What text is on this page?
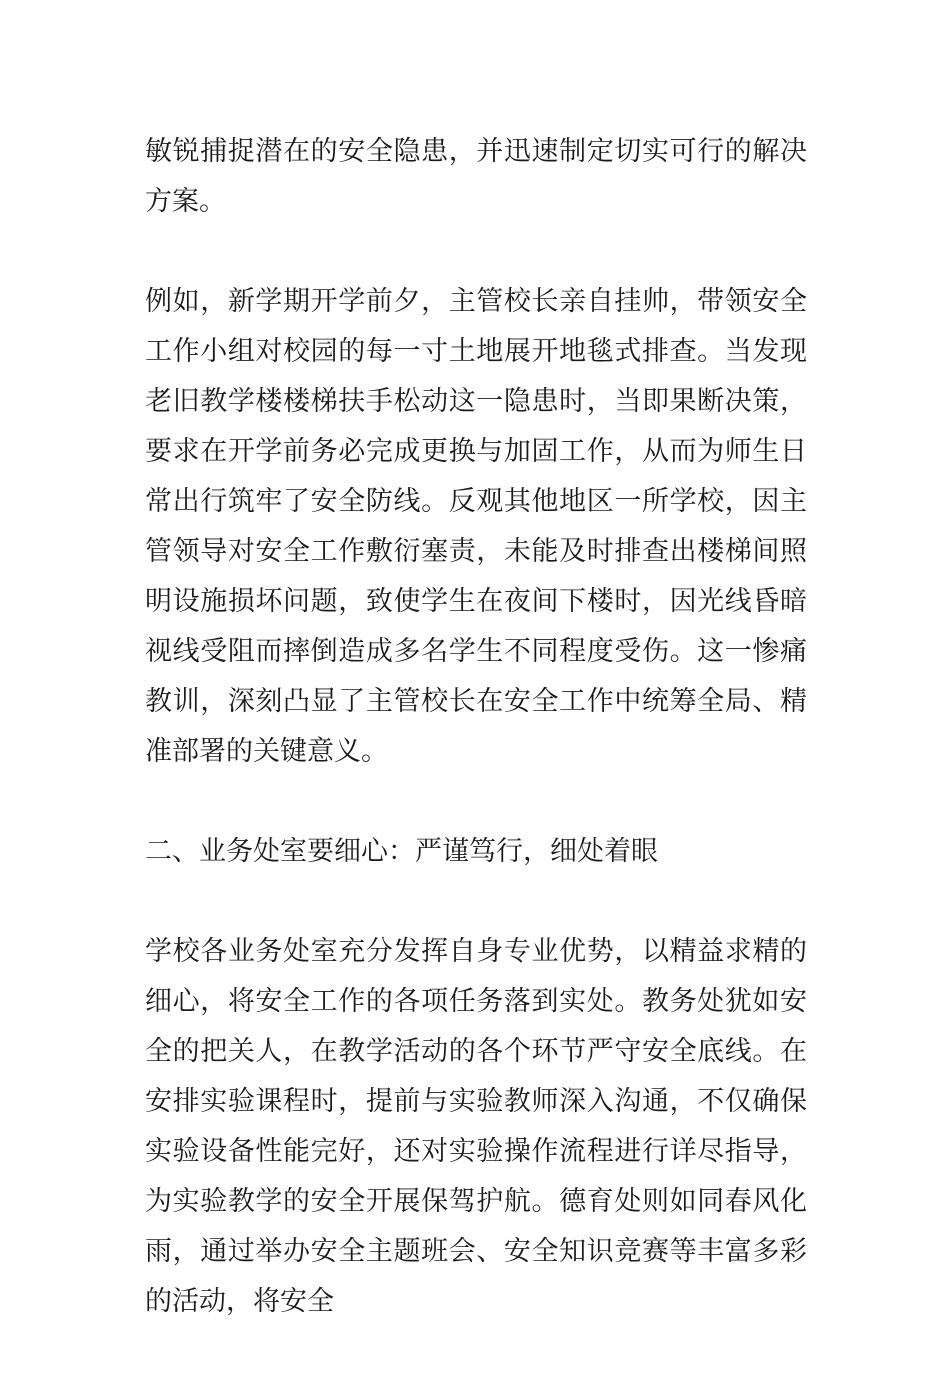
敏锐捕捉潜在的安全隐患，并迅速制定切实可行的解决方案。

例如，新学期开学前夕，主管校长亲自挂帅，带领安全工作小组对校园的每一寸土地展开地毯式排查。当发现老旧教学楼楼梯扶手松动这一隐患时，当即果断决策，要求在开学前务必完成更换与加固工作，从而为师生日常出行筑牢了安全防线。反观其他地区一所学校，因主管领导对安全工作敷衍塞责，未能及时排查出楼梯间照明设施损坏问题，致使学生在夜间下楼时，因光线昏暗视线受阻而摔倒造成多名学生不同程度受伤。这一惨痛教训，深刻凸显了主管校长在安全工作中统筹全局、精准部署的关键意义。

二、业务处室要细心：严谨笃行，细处着眼

学校各业务处室充分发挥自身专业优势，以精益求精的细心，将安全工作的各项任务落到实处。教务处犹如安全的把关人，在教学活动的各个环节严守安全底线。在安排实验课程时，提前与实验教师深入沟通，不仅确保实验设备性能完好，还对实验操作流程进行详尽指导，为实验教学的安全开展保驾护航。德育处则如同春风化雨，通过举办安全主题班会、安全知识竞赛等丰富多彩的活动，将安全
